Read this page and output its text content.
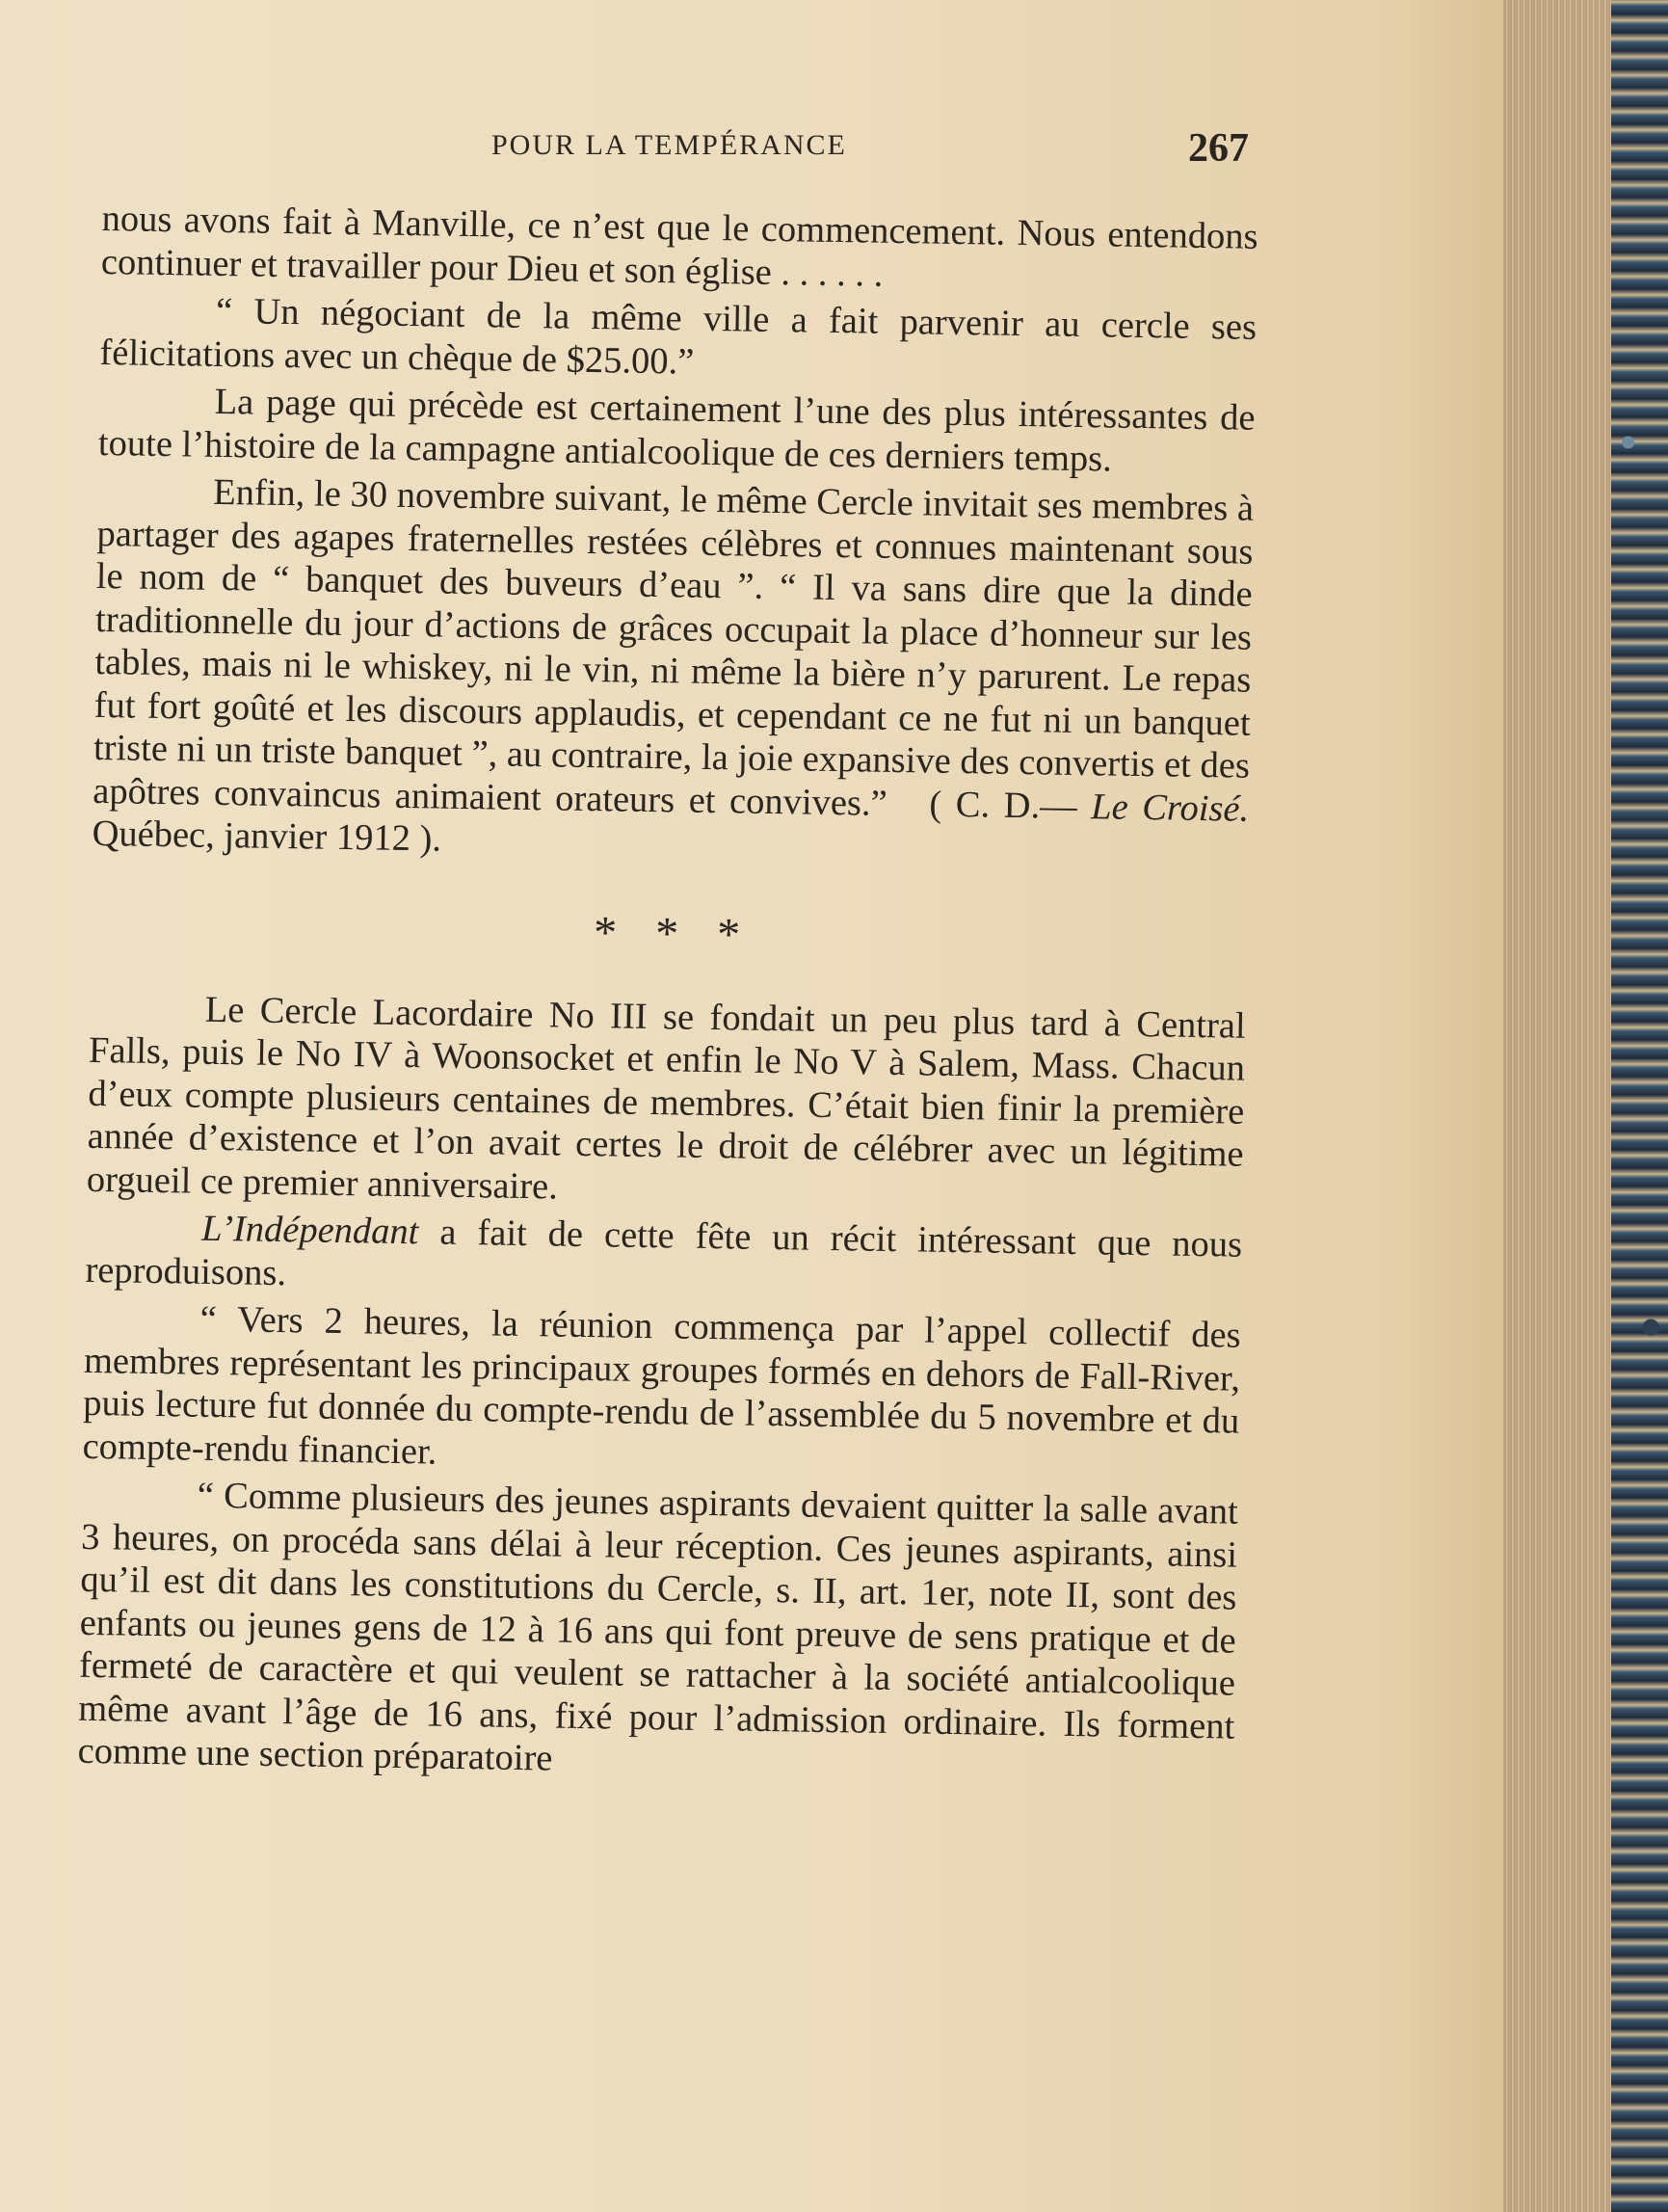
POUR LA TEMPÉRANCE	267

nous avons fait à Manville, ce n’est que le commencement. Nous entendons continuer et travailler pour Dieu et son église . . . . . .

“ Un négociant de la même ville a fait parvenir au cercle ses félicitations avec un chèque de $25.00.”

La page qui précède est certainement l’une des plus intéressantes de toute l’histoire de la campagne antialcoolique de ces derniers temps.

Enfin, le 30 novembre suivant, le même Cercle invitait ses membres à partager des agapes fraternelles restées célèbres et connues maintenant sous le nom de “ banquet des buveurs d’eau ”. “ Il va sans dire que la dinde traditionnelle du jour d’actions de grâces occupait la place d’honneur sur les tables, mais ni le whiskey, ni le vin, ni même la bière n’y parurent. Le repas fut fort goûté et les discours applaudis, et cependant ce ne fut ni un banquet triste ni un triste banquet ”, au contraire, la joie expansive des convertis et des apôtres convaincus animaient orateurs et convives.” ( C. D.— Le Croisé. Québec, janvier 1912 ).

* * *

Le Cercle Lacordaire No III se fondait un peu plus tard à Central Falls, puis le No IV à Woonsocket et enfin le No V à Salem, Mass. Chacun d’eux compte plusieurs centaines de membres. C’était bien finir la première année d’existence et l’on avait certes le droit de célébrer avec un légitime orgueil ce premier anniversaire.

L’Indépendant a fait de cette fête un récit intéressant que nous reproduisons.

“ Vers 2 heures, la réunion commença par l’appel collectif des membres représentant les principaux groupes formés en dehors de Fall-River, puis lecture fut donnée du compte-rendu de l’assemblée du 5 novembre et du compte-rendu financier.

“ Comme plusieurs des jeunes aspirants devaient quitter la salle avant 3 heures, on procéda sans délai à leur réception. Ces jeunes aspirants, ainsi qu’il est dit dans les constitutions du Cercle, s. II, art. 1er, note II, sont des enfants ou jeunes gens de 12 à 16 ans qui font preuve de sens pratique et de fermeté de caractère et qui veulent se rattacher à la société antialcoolique même avant l’âge de 16 ans, fixé pour l’admission ordinaire. Ils forment comme une section préparatoire
